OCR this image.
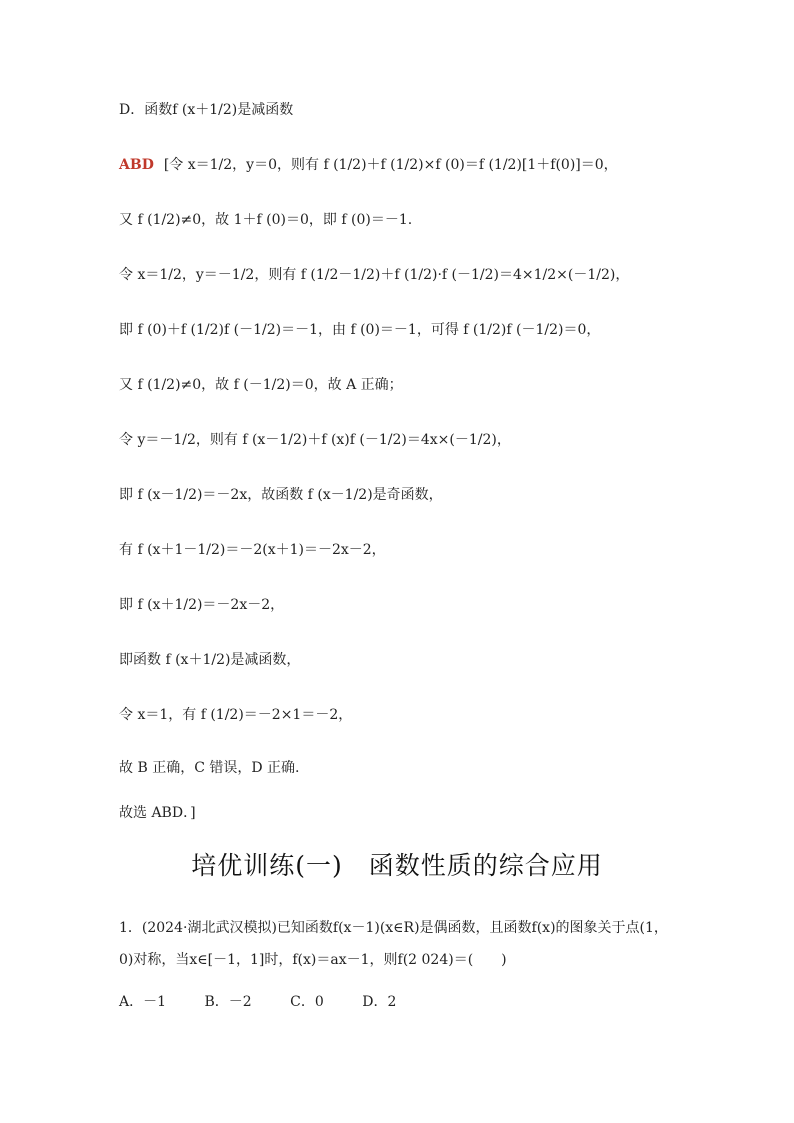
D．函数f (x＋1/2)是减函数
ABD [令 x＝1/2，y＝0，则有 f (1/2)＋f (1/2)×f (0)＝f (1/2)[1＋f(0)]＝0，
又 f (1/2)≠0，故 1＋f (0)＝0，即 f (0)＝－1.
令 x＝1/2，y＝－1/2，则有 f (1/2－1/2)＋f (1/2)·f (－1/2)＝4×1/2×(－1/2)，
即 f (0)＋f (1/2)f (－1/2)＝－1，由 f (0)＝－1，可得 f (1/2)f (－1/2)＝0，
又 f (1/2)≠0，故 f (－1/2)＝0，故 A 正确；
令 y＝－1/2，则有 f (x－1/2)＋f (x)f (－1/2)＝4x×(－1/2)，
即 f (x－1/2)＝－2x，故函数 f (x－1/2)是奇函数，
有 f (x＋1－1/2)＝－2(x＋1)＝－2x－2，
即 f (x＋1/2)＝－2x－2，
即函数 f (x＋1/2)是减函数，
令 x＝1，有 f (1/2)＝－2×1＝－2，
故 B 正确，C 错误，D 正确.
故选 ABD．]
培优训练(一)　函数性质的综合应用
1．(2024·湖北武汉模拟)已知函数f(x－1)(x∈R)是偶函数，且函数f(x)的图象关于点(1，0)对称，当x∈[－1，1]时，f(x)＝ax－1，则f(2 024)＝(　　)
A．－1	B．－2	C．0	D．2
